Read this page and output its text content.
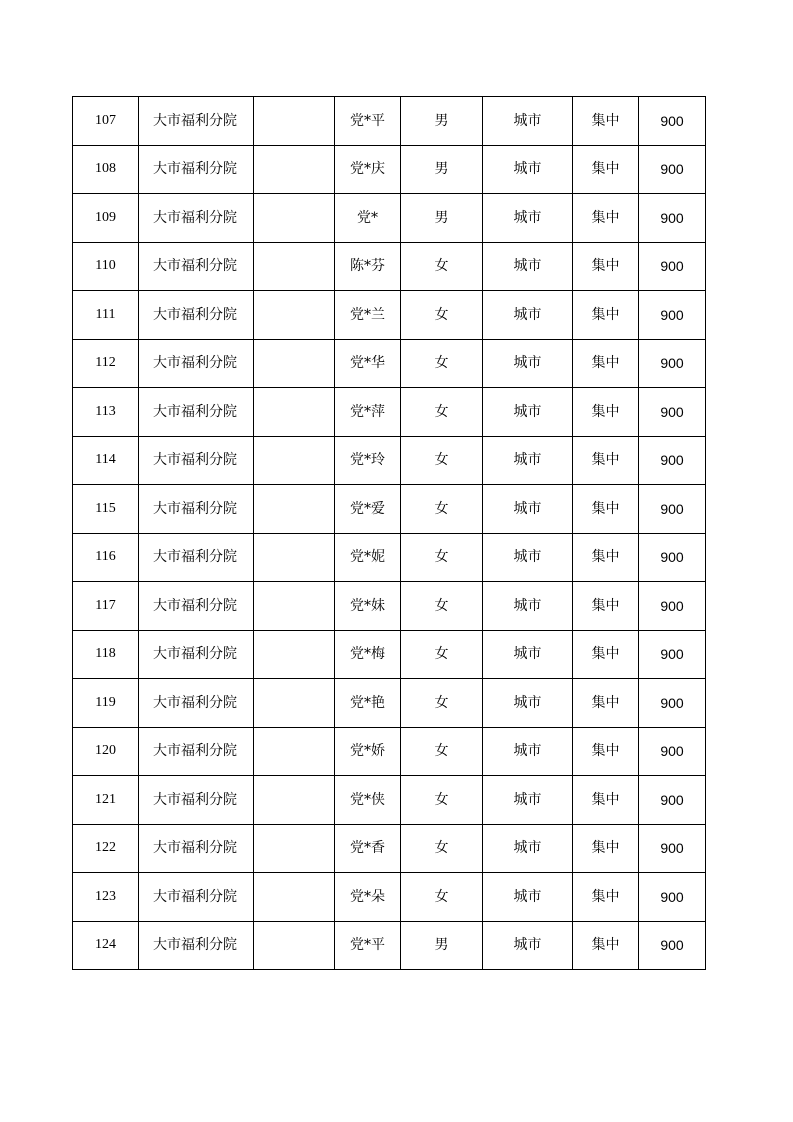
107	大市福利分院		党*平	男	城市	集中	900
108	大市福利分院		党*庆	男	城市	集中	900
109	大市福利分院		党*	男	城市	集中	900
110	大市福利分院		陈*芬	女	城市	集中	900
111	大市福利分院		党*兰	女	城市	集中	900
112	大市福利分院		党*华	女	城市	集中	900
113	大市福利分院		党*萍	女	城市	集中	900
114	大市福利分院		党*玲	女	城市	集中	900
115	大市福利分院		党*爱	女	城市	集中	900
116	大市福利分院		党*妮	女	城市	集中	900
117	大市福利分院		党*妹	女	城市	集中	900
118	大市福利分院		党*梅	女	城市	集中	900
119	大市福利分院		党*艳	女	城市	集中	900
120	大市福利分院		党*娇	女	城市	集中	900
121	大市福利分院		党*侠	女	城市	集中	900
122	大市福利分院		党*香	女	城市	集中	900
123	大市福利分院		党*朵	女	城市	集中	900
124	大市福利分院		党*平	男	城市	集中	900
